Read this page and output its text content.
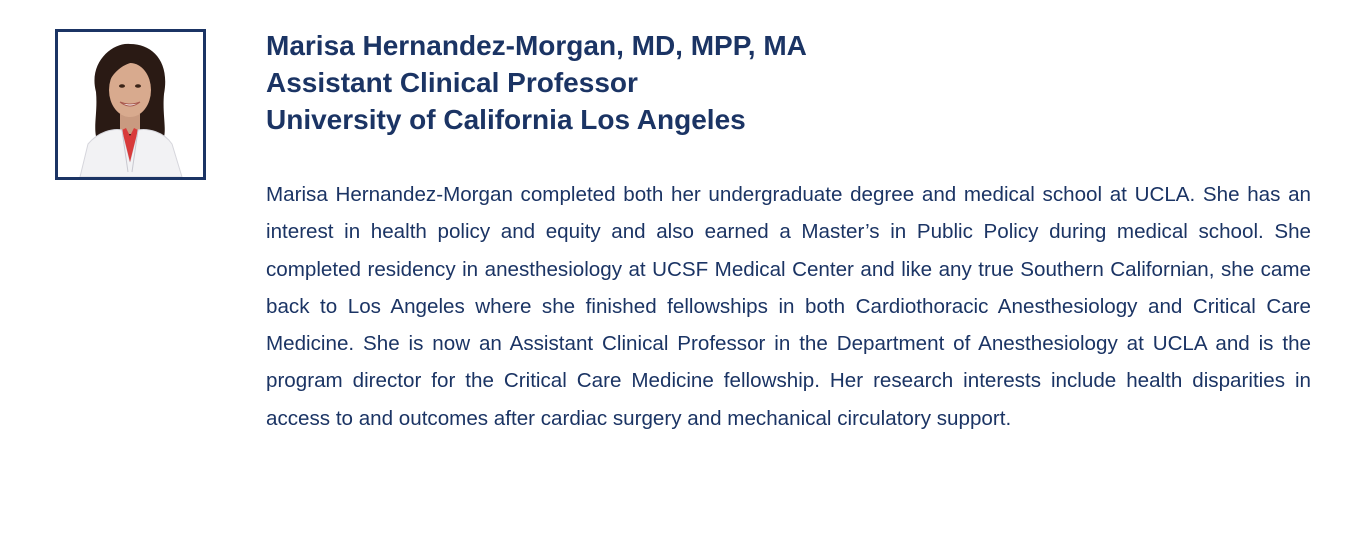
Marisa Hernandez-Morgan, MD, MPP, MA
Assistant Clinical Professor
University of California Los Angeles

Marisa Hernandez-Morgan completed both her undergraduate degree and medical school at UCLA. She has an interest in health policy and equity and also earned a Master’s in Public Policy during medical school. She completed residency in anesthesiology at UCSF Medical Center and like any true Southern Californian, she came back to Los Angeles where she finished fellowships in both Cardiothoracic Anesthesiology and Critical Care Medicine. She is now an Assistant Clinical Professor in the Department of Anesthesiology at UCLA and is the program director for the Critical Care Medicine fellowship. Her research interests include health disparities in access to and outcomes after cardiac surgery and mechanical circulatory support.
